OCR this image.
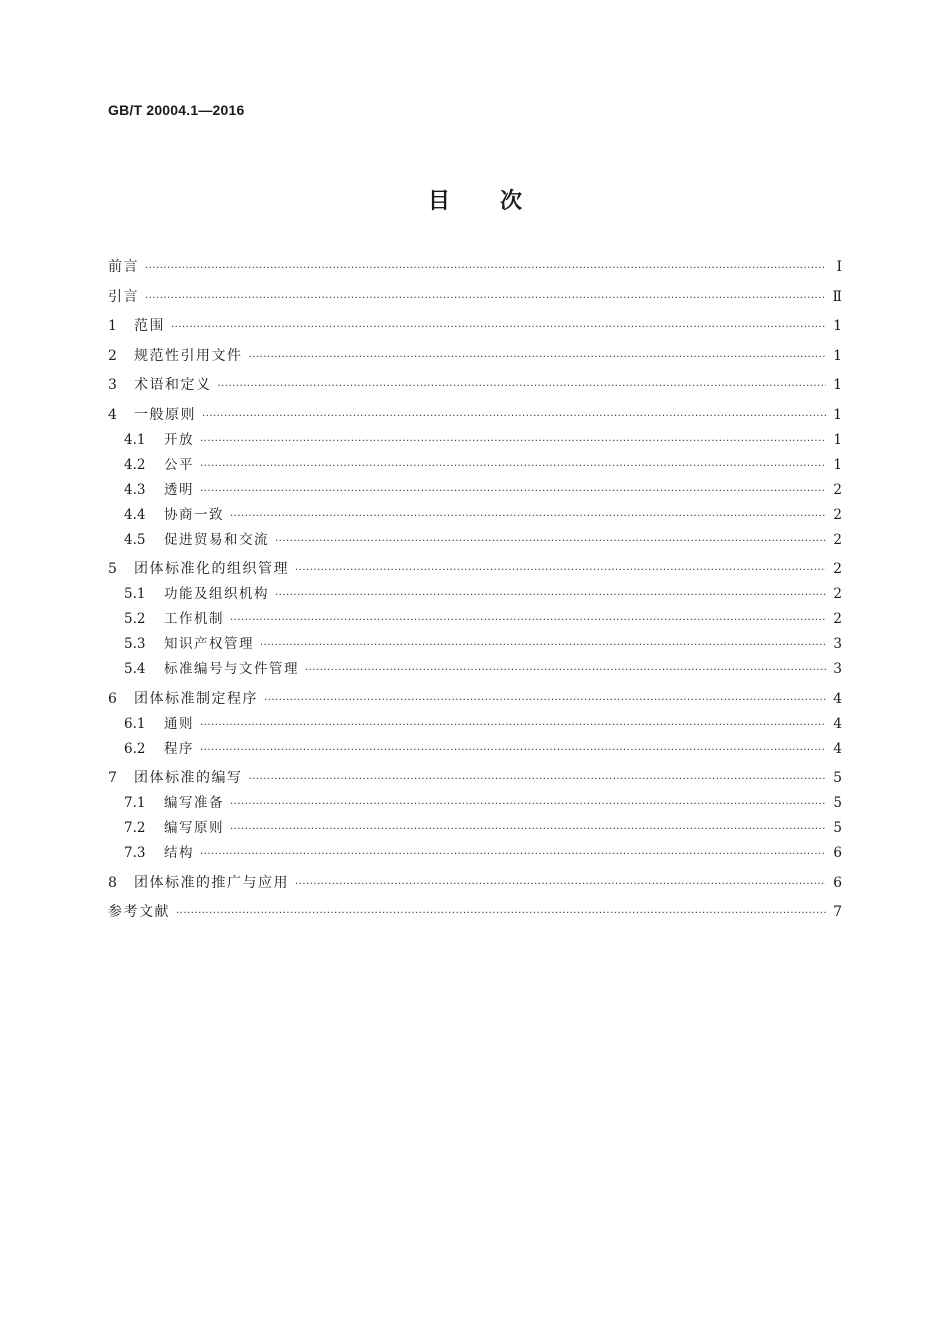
GB/T 20004.1—2016
目 次
前言 ·····	Ⅰ
引言 ·····	Ⅱ
1	范围 ·····	1
2	规范性引用文件 ·····	1
3	术语和定义 ·····	1
4	一般原则 ·····	1
4.1	开放 ·····	1
4.2	公平 ·····	1
4.3	透明 ·····	2
4.4	协商一致 ·····	2
4.5	促进贸易和交流 ·····	2
5	团体标准化的组织管理 ·····	2
5.1	功能及组织机构 ·····	2
5.2	工作机制 ·····	2
5.3	知识产权管理 ·····	3
5.4	标准编号与文件管理 ·····	3
6	团体标准制定程序 ·····	4
6.1	通则 ·····	4
6.2	程序 ·····	4
7	团体标准的编写 ·····	5
7.1	编写准备 ·····	5
7.2	编写原则 ·····	5
7.3	结构 ·····	6
8	团体标准的推广与应用 ·····	6
参考文献 ·····	7
